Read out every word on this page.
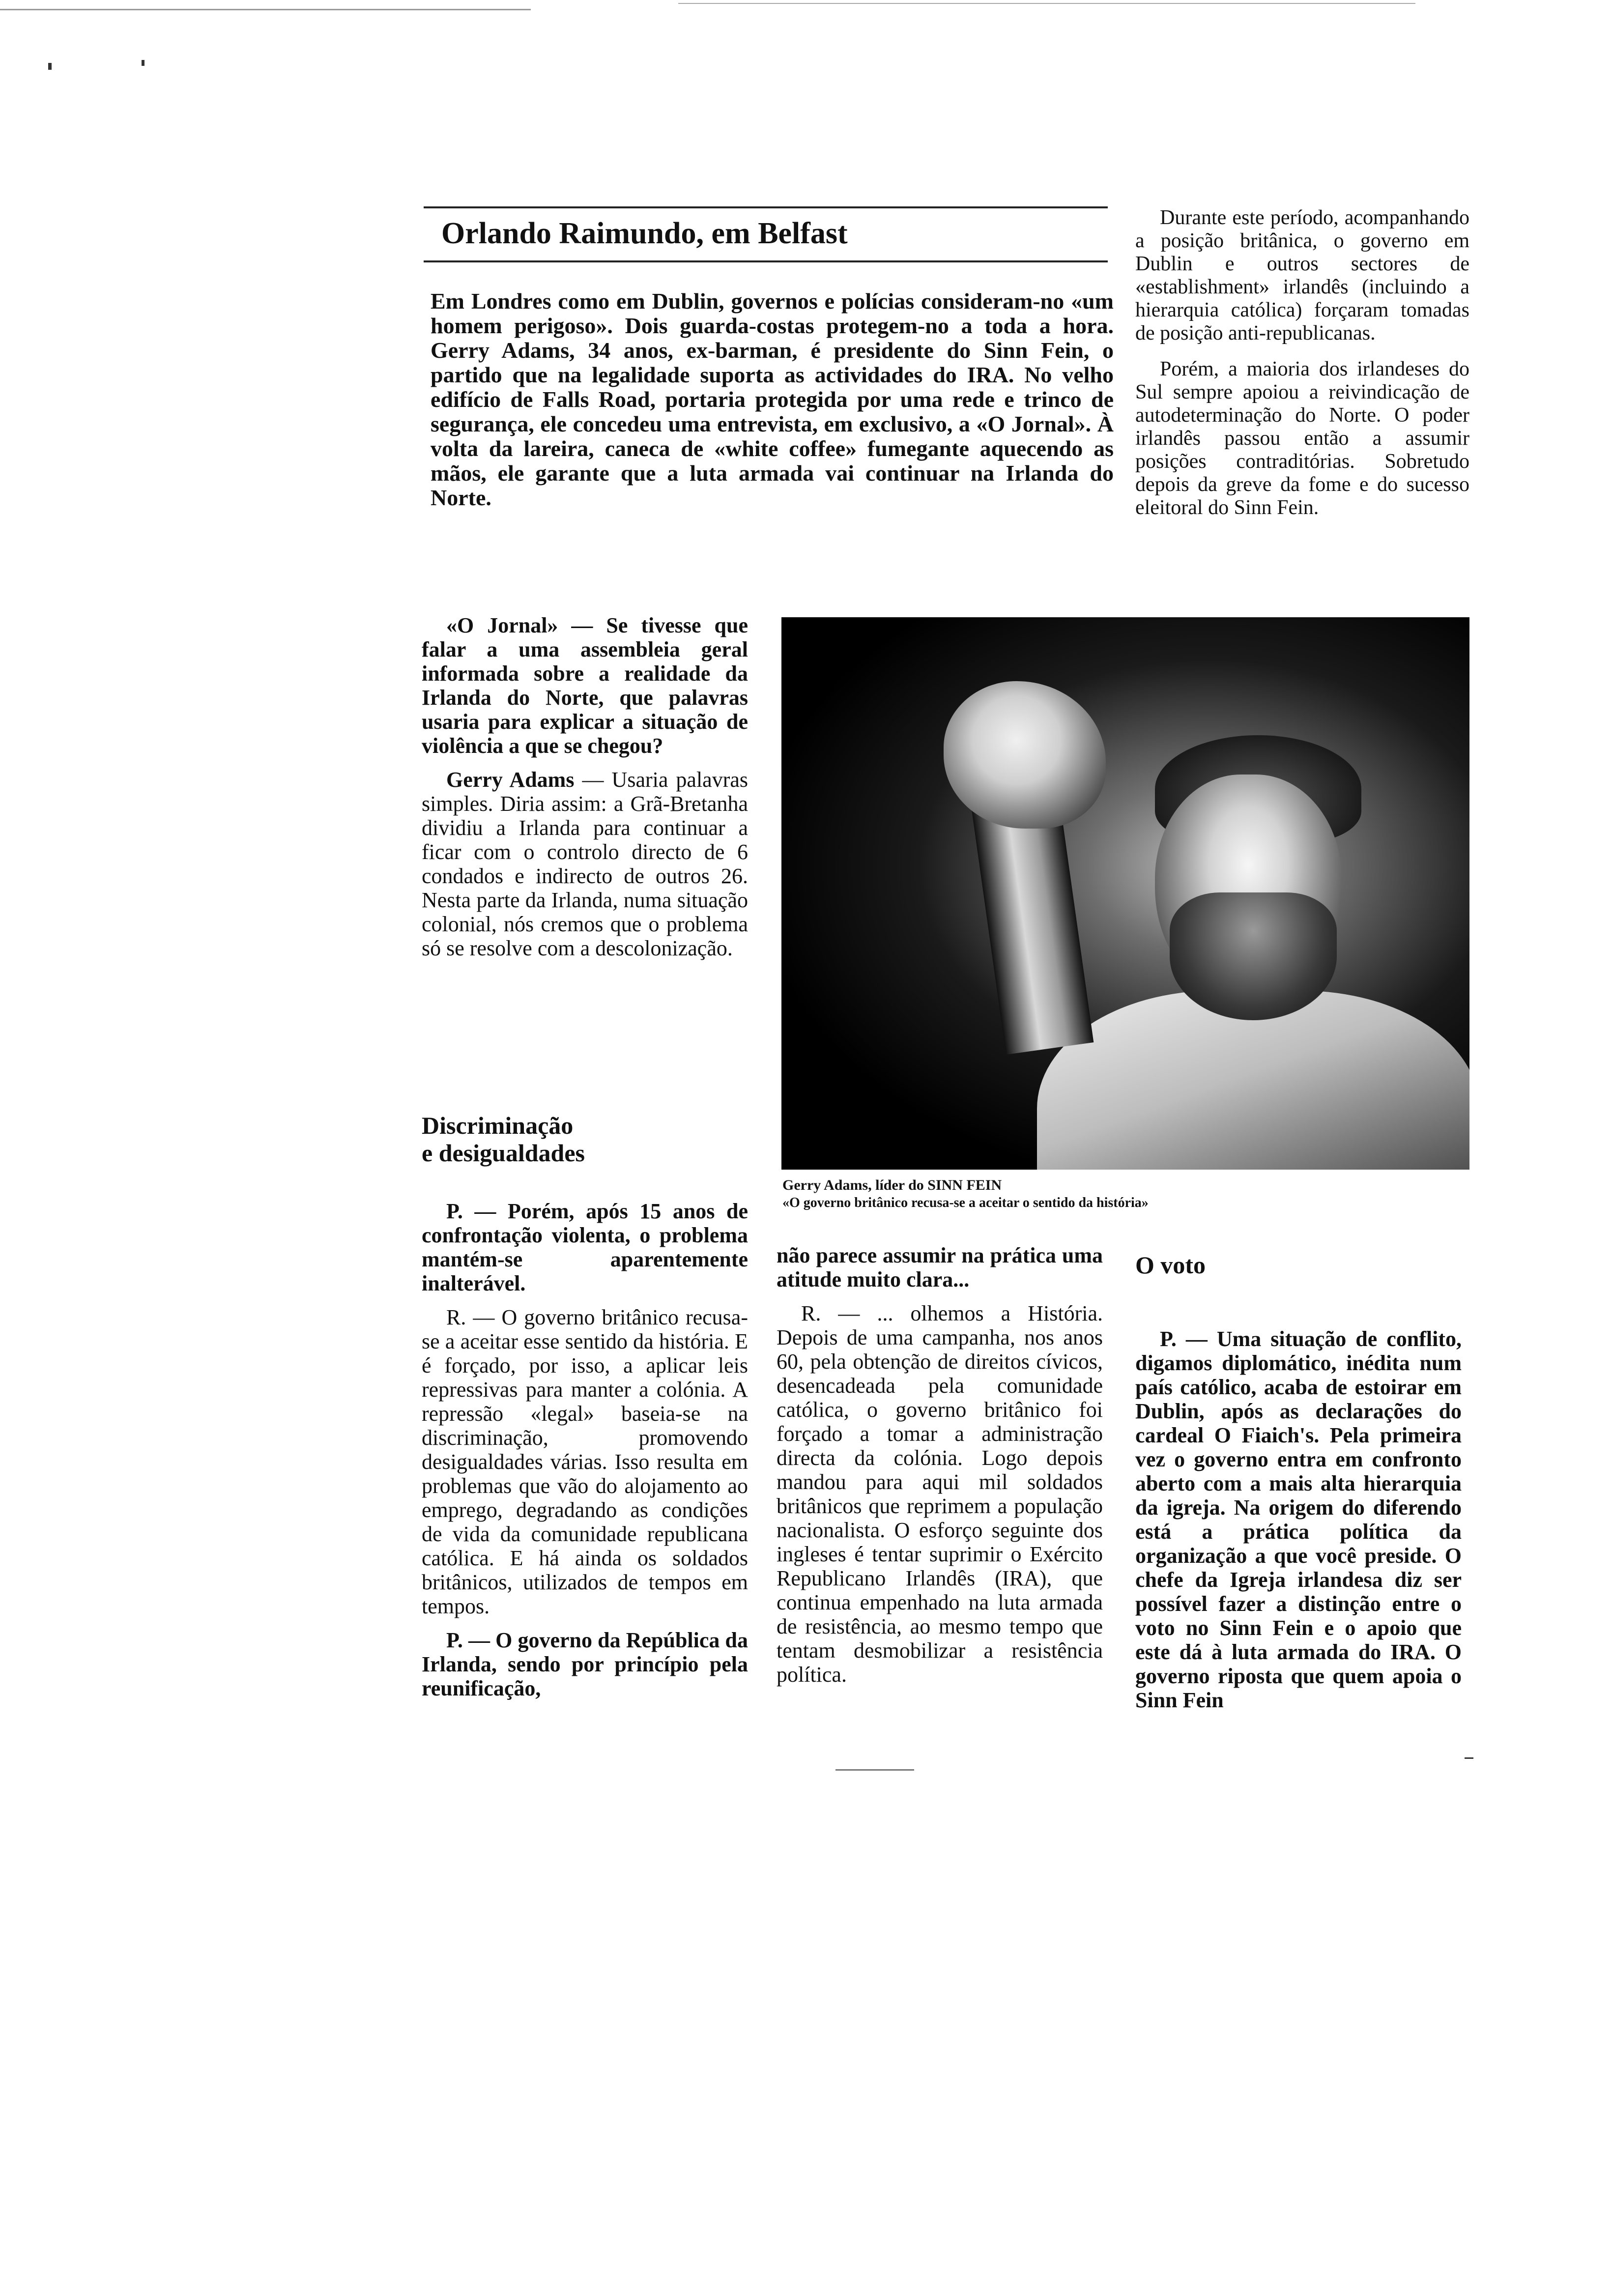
Orlando Raimundo, em Belfast
Em Londres como em Dublin, governos e polícias consideram-no «um homem perigoso». Dois guarda-costas protegem-no a toda a hora. Gerry Adams, 34 anos, ex-barman, é presidente do Sinn Fein, o partido que na legalidade suporta as actividades do IRA. No velho edifício de Falls Road, portaria protegida por uma rede e trinco de segurança, ele concedeu uma entrevista, em exclusivo, a «O Jornal». À volta da lareira, caneca de «white coffee» fumegante aquecendo as mãos, ele garante que a luta armada vai continuar na Irlanda do Norte.

Durante este período, acompanhando a posição britânica, o governo em Dublin e outros sectores de «establishment» irlandês (incluindo a hierarquia católica) forçaram tomadas de posição anti-republicanas.

Porém, a maioria dos irlandeses do Sul sempre apoiou a reivindicação de autodeterminação do Norte. O poder irlandês passou então a assumir posições contraditórias. Sobretudo depois da greve da fome e do sucesso eleitoral do Sinn Fein.

«O Jornal» — Se tivesse que falar a uma assembleia geral informada sobre a realidade da Irlanda do Norte, que palavras usaria para explicar a situação de violência a que se chegou?

Gerry Adams — Usaria palavras simples. Diria assim: a Grã-Bretanha dividiu a Irlanda para continuar a ficar com o controlo directo de 6 condados e indirecto de outros 26. Nesta parte da Irlanda, numa situação colonial, nós cremos que o problema só se resolve com a descolonização.

Gerry Adams, líder do SINN FEIN
«O governo britânico recusa-se a aceitar o sentido da história»
Discriminação
e desigualdades

P. — Porém, após 15 anos de confrontação violenta, o problema mantém-se aparentemente inalterável.

R. — O governo britânico recusa-se a aceitar esse sentido da história. E é forçado, por isso, a aplicar leis repressivas para manter a colónia. A repressão «legal» baseia-se na discriminação, promovendo desigualdades várias. Isso resulta em problemas que vão do alojamento ao emprego, degradando as condições de vida da comunidade republicana católica. E há ainda os soldados britânicos, utilizados de tempos em tempos.

P. — O governo da República da Irlanda, sendo por princípio pela reunificação,

não parece assumir na prática uma atitude muito clara...

R. — ... olhemos a História. Depois de uma campanha, nos anos 60, pela obtenção de direitos cívicos, desencadeada pela comunidade católica, o governo britânico foi forçado a tomar a administração directa da colónia. Logo depois mandou para aqui mil soldados britânicos que reprimem a população nacionalista. O esforço seguinte dos ingleses é tentar suprimir o Exército Republicano Irlandês (IRA), que continua empenhado na luta armada de resistência, ao mesmo tempo que tentam desmobilizar a resistência política.

O voto

P. — Uma situação de conflito, digamos diplomático, inédita num país católico, acaba de estoirar em Dublin, após as declarações do cardeal O Fiaich's. Pela primeira vez o governo entra em confronto aberto com a mais alta hierarquia da igreja. Na origem do diferendo está a prática política da organização a que você preside. O chefe da Igreja irlandesa diz ser possível fazer a distinção entre o voto no Sinn Fein e o apoio que este dá à luta armada do IRA. O governo riposta que quem apoia o Sinn Fein
